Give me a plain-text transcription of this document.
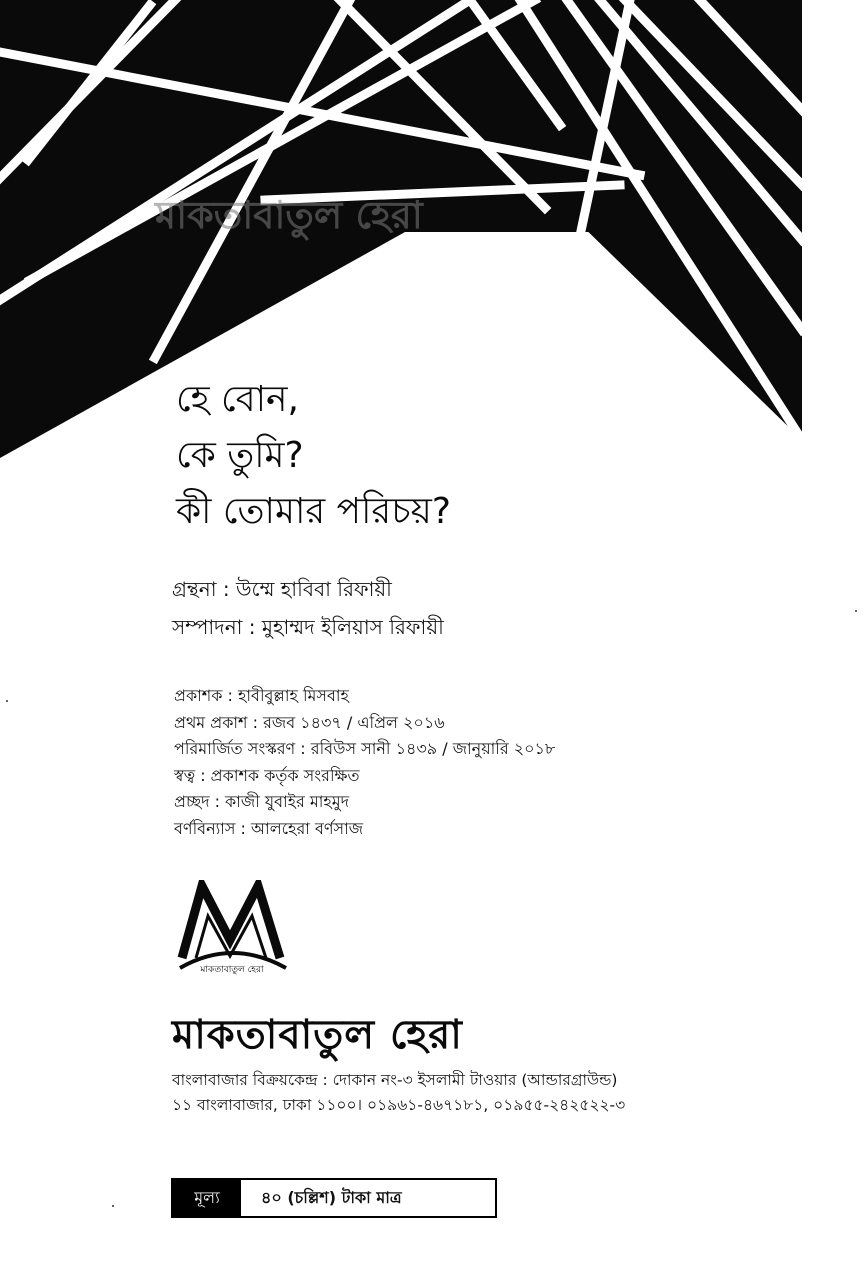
মাকতাবাতুল হেরা
হে বোন,
কে তুমি?
কী তোমার পরিচয়?
গ্রন্থনা : উম্মে হাবিবা রিফায়ী
সম্পাদনা : মুহাম্মদ ইলিয়াস রিফায়ী
প্রকাশক : হাবীবুল্লাহ মিসবাহ
প্রথম প্রকাশ : রজব ১৪৩৭ / এপ্রিল ২০১৬
পরিমার্জিত সংস্করণ : রবিউস সানী ১৪৩৯ / জানুয়ারি ২০১৮
স্বত্ব : প্রকাশক কর্তৃক সংরক্ষিত
প্রচ্ছদ : কাজী যুবাইর মাহমুদ
বর্ণবিন্যাস : আলহেরা বর্ণসাজ
মাকতাবাতুল হেরা
মাকতাবাতুল হেরা
বাংলাবাজার বিক্রয়কেন্দ্র : দোকান নং-৩ ইসলামী টাওয়ার (আন্ডারগ্রাউন্ড)
১১ বাংলাবাজার, ঢাকা ১১০০। ০১৯৬১-৪৬৭১৮১, ০১৯৫৫-২৪২৫২২-৩
মূল্য	৪০ (চল্লিশ) টাকা মাত্র
